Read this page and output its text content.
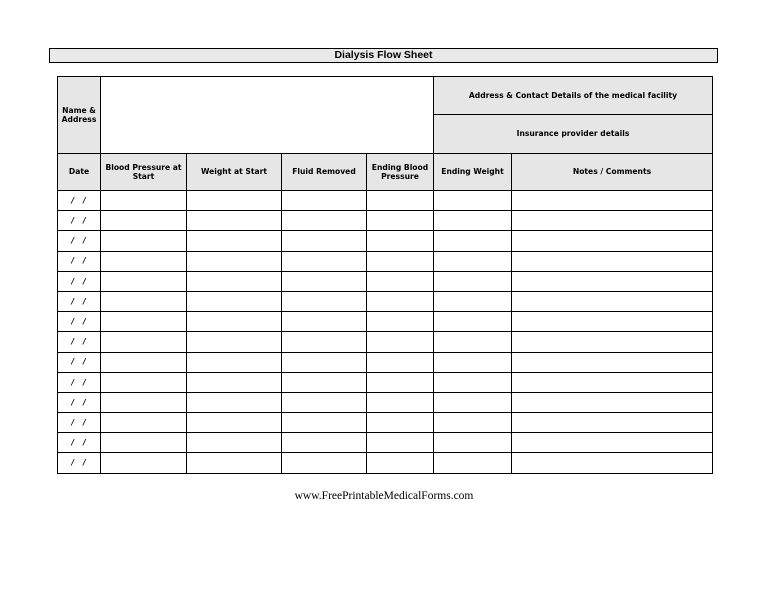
Dialysis Flow Sheet
Name & Address					Address & Contact Details of the medical facility		
					Insurance provider details		
Date	Blood Pressure at Start	Weight at Start	Fluid Removed	Ending Blood Pressure	Ending Weight	Notes / Comments	
/ /							
/ /							
/ /							
/ /							
/ /							
/ /							
/ /							
/ /							
/ /							
/ /							
/ /							
/ /							
/ /							
/ /							
www.FreePrintableMedicalForms.com
